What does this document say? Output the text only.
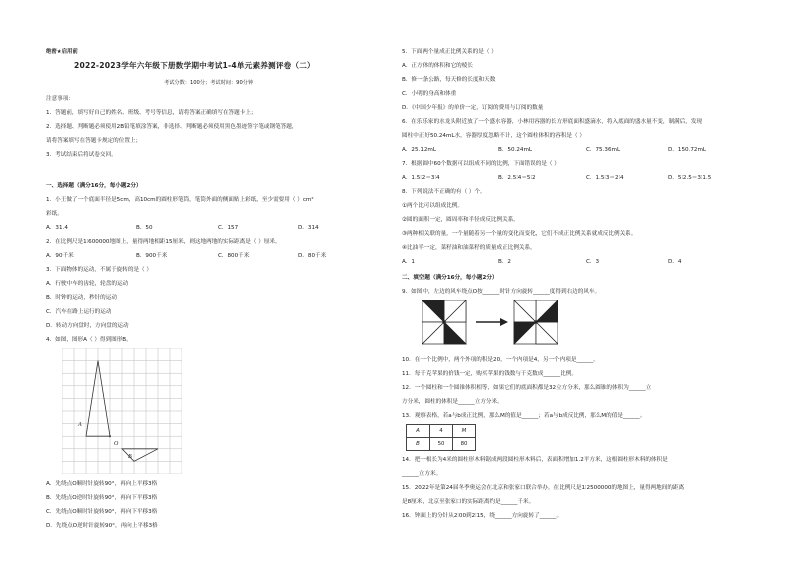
绝密★启用前
2022-2023学年六年级下册数学期中考试1-4单元素养测评卷（二）
考试分数：100分；考试时间：90分钟
注意事项：
1．答题前，填写好自己的姓名、班级、考号等信息，请将答案正确填写在答题卡上；
2．选择题、判断题必须使用2B铅笔填涂答案，非选择、判断题必须使用黑色墨迹签字笔或钢笔答题，
请将答案填写在答题卡规定的位置上；
3．考试结束后将试卷交回。
一、选择题（满分16分，每小题2分）
1．小王做了一个底面半径是5cm，高10cm的圆柱形笔筒，笔筒外面的侧面贴上彩纸，至少需要用（ ）cm²
彩纸。
A．31.4	B．50	C．157	D．314
2．在比例尺是1∶600000地图上，量得两地相距15厘米，则这地两地的实际距离是（ ）厘米。
A．90千米	B．900千米	C．800千米	D．80千米
3．下面物体的运动，不属于旋转的是（ ）
A．行驶中车的齿轮，轮盘的运动
B．时钟的运动，秒针的运动
C．汽车在路上运行的运动
D．转动方向盘时，方向盘的运动
4．如图，图形A（ ）得到图形B。
A
O
B
A．先绕点O顺时针旋转90°，再向上平移3格
B．先绕点O逆时针旋转90°，再向下平移3格
C．先绕点O顺时针旋转90°，再向下平移3格
D．先绕点O逆时针旋转90°，再向上平移3格
5．下面两个量成正比例关系的是（ ）
A．正方体的体积和它的棱长
B．修一条公路，每天修的长度和天数
C．小明的身高和体重
D．《中国少年报》的单价一定，订阅的费用与订阅的数量
6．在乐乐家的水龙头附近放了一个盛水容器，小林用容器的长方形底面积盛滴水，将入底面的盛水量不变，制满后，发现
圆柱中正好50.24mL水，容器厚度忽略不计，这个圆柱体积的容积是（ ）
A．25.12mL	B．50.24mL	C．75.36mL	D．150.72mL
7．根据圆中60个数据可以组成不同的比例，下面错误的是（ ）
A．1.5∶2＝3∶4	B．2.5∶4＝5∶2	C．1.5∶3＝2∶4	D．5∶2.5＝3∶1.5
8．下列说法不正确的有（ ）个。
①两个比可以组成比例。
②圆的面积一定，圆周率和半径成反比例关系。
③两种相关联的量，一个量随着另一个量的变化而变化，它们不成正比例关系就成反比例关系。
④比油半一定，菜籽油和油菜籽的质量成正比例关系。
A．1	B．2	C．3	D．4
二、填空题（满分16分，每小题2分）
9．如图中，左边的风车绕点O按______时针方向旋转______度得到右边的风车。
10．在一个比例中，两个外项的积是20，一个内项是4，另一个内项是______。
11．每千克苹果的价钱一定，购买苹果的钱数与千克数成______比例。
12．一个圆柱和一个圆锥体积相等，如果它们的底面积都是32立方分米，那么圆锥的体积为______立
方分米，圆柱的体积是______立方分米。
13．观察表格，若a与b成正比例，那么M的值是______；若a与b成反比例，那么M的值是______。
A	4	M
B	50	80
14．把一根长为4米的圆柱形木料锯成两段圆柱形木料后，表面积增加1.2平方米，这根圆柱形木料的体积是
______立方米。
15．2022年是第24届冬季奥运会在北京和张家口联合举办。在比例尺是1∶2500000的地图上，量得两地间的距离
是8厘米，北京至张家口的实际距离约是______千米。
16．钟面上的分针从2∶00到2∶15，绕______方向旋转了______。
